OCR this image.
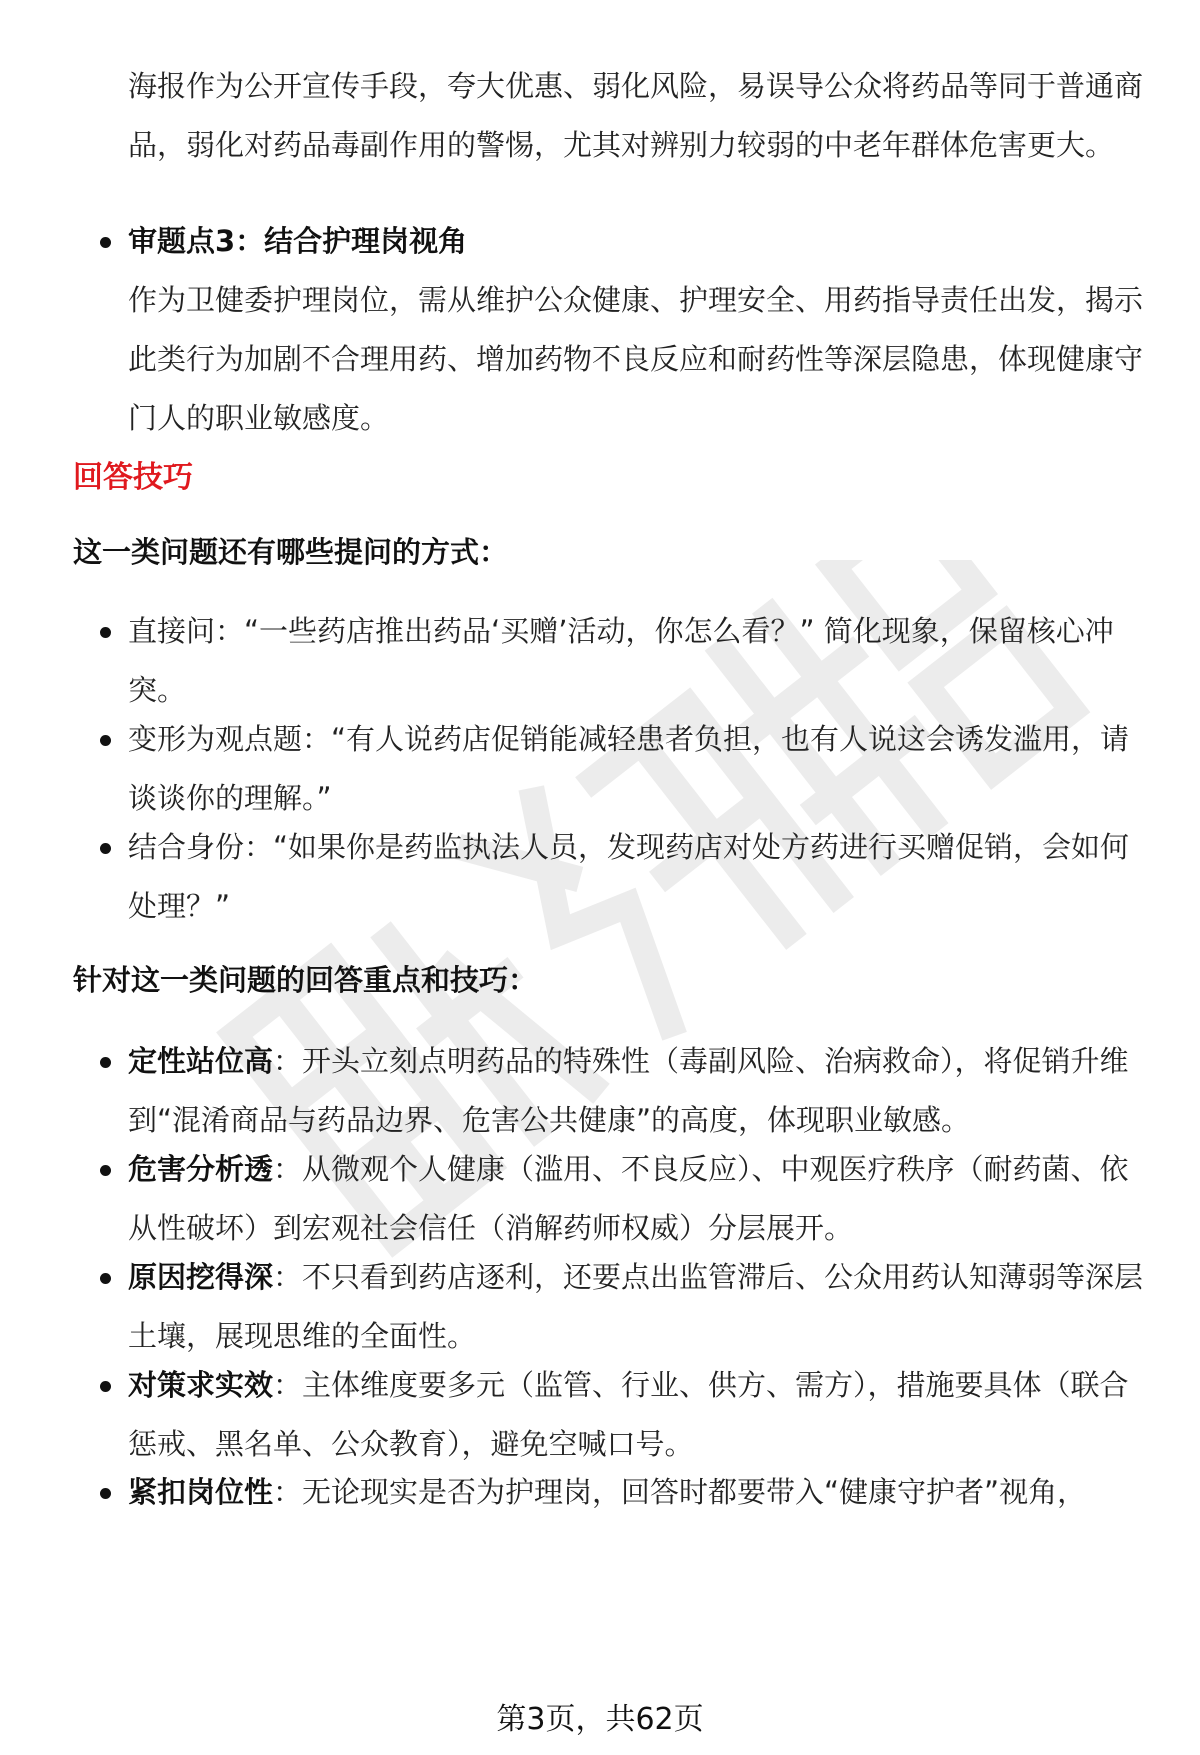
海报作为公开宣传手段，夸大优惠、弱化风险，易误导公众将药品等同于普通商品，弱化对药品毒副作用的警惕，尤其对辨别力较弱的中老年群体危害更大。

审题点3：结合护理岗视角

作为卫健委护理岗位，需从维护公众健康、护理安全、用药指导责任出发，揭示此类行为加剧不合理用药、增加药物不良反应和耐药性等深层隐患，体现健康守门人的职业敏感度。

回答技巧
这一类问题还有哪些提问的方式：
直接问：“一些药店推出药品‘买赠’活动，你怎么看？” 简化现象，保留核心冲突。
变形为观点题：“有人说药店促销能减轻患者负担，也有人说这会诱发滥用，请谈谈你的理解。”
结合身份：“如果你是药监执法人员，发现药店对处方药进行买赠促销，会如何处理？”
针对这一类问题的回答重点和技巧：
定性站位高：开头立刻点明药品的特殊性（毒副风险、治病救命），将促销升维到“混淆商品与药品边界、危害公共健康”的高度，体现职业敏感。
危害分析透：从微观个人健康（滥用、不良反应）、中观医疗秩序（耐药菌、依从性破坏）到宏观社会信任（消解药师权威）分层展开。
原因挖得深：不只看到药店逐利，还要点出监管滞后、公众用药认知薄弱等深层土壤，展现思维的全面性。
对策求实效：主体维度要多元（监管、行业、供方、需方），措施要具体（联合惩戒、黑名单、公众教育），避免空喊口号。
紧扣岗位性：无论现实是否为护理岗，回答时都要带入“健康守护者”视角，
第3页，共62页
